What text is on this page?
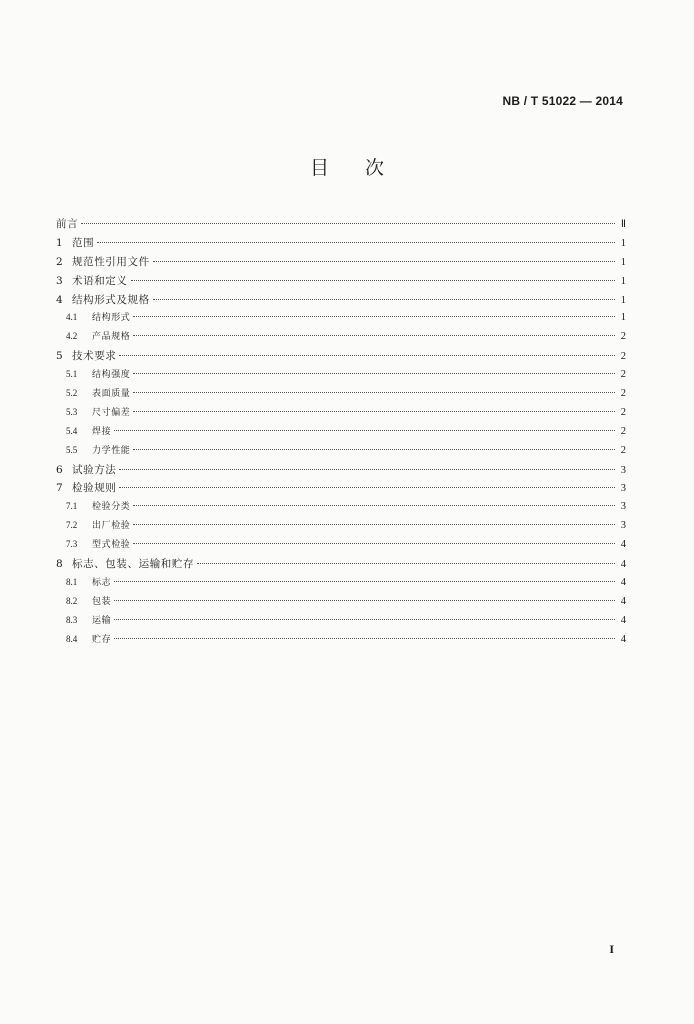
NB / T 51022 — 2014
目次
前言	Ⅱ
1 范围	1
2 规范性引用文件	1
3 术语和定义	1
4 结构形式及规格	1
4.1	结构形式	1
4.2	产品规格	2
5 技术要求	2
5.1	结构强度	2
5.2	表面质量	2
5.3	尺寸偏差	2
5.4	焊接	2
5.5	力学性能	2
6 试验方法	3
7 检验规则	3
7.1	检验分类	3
7.2	出厂检验	3
7.3	型式检验	4
8 标志、包装、运输和贮存	4
8.1	标志	4
8.2	包装	4
8.3	运输	4
8.4	贮存	4
I
